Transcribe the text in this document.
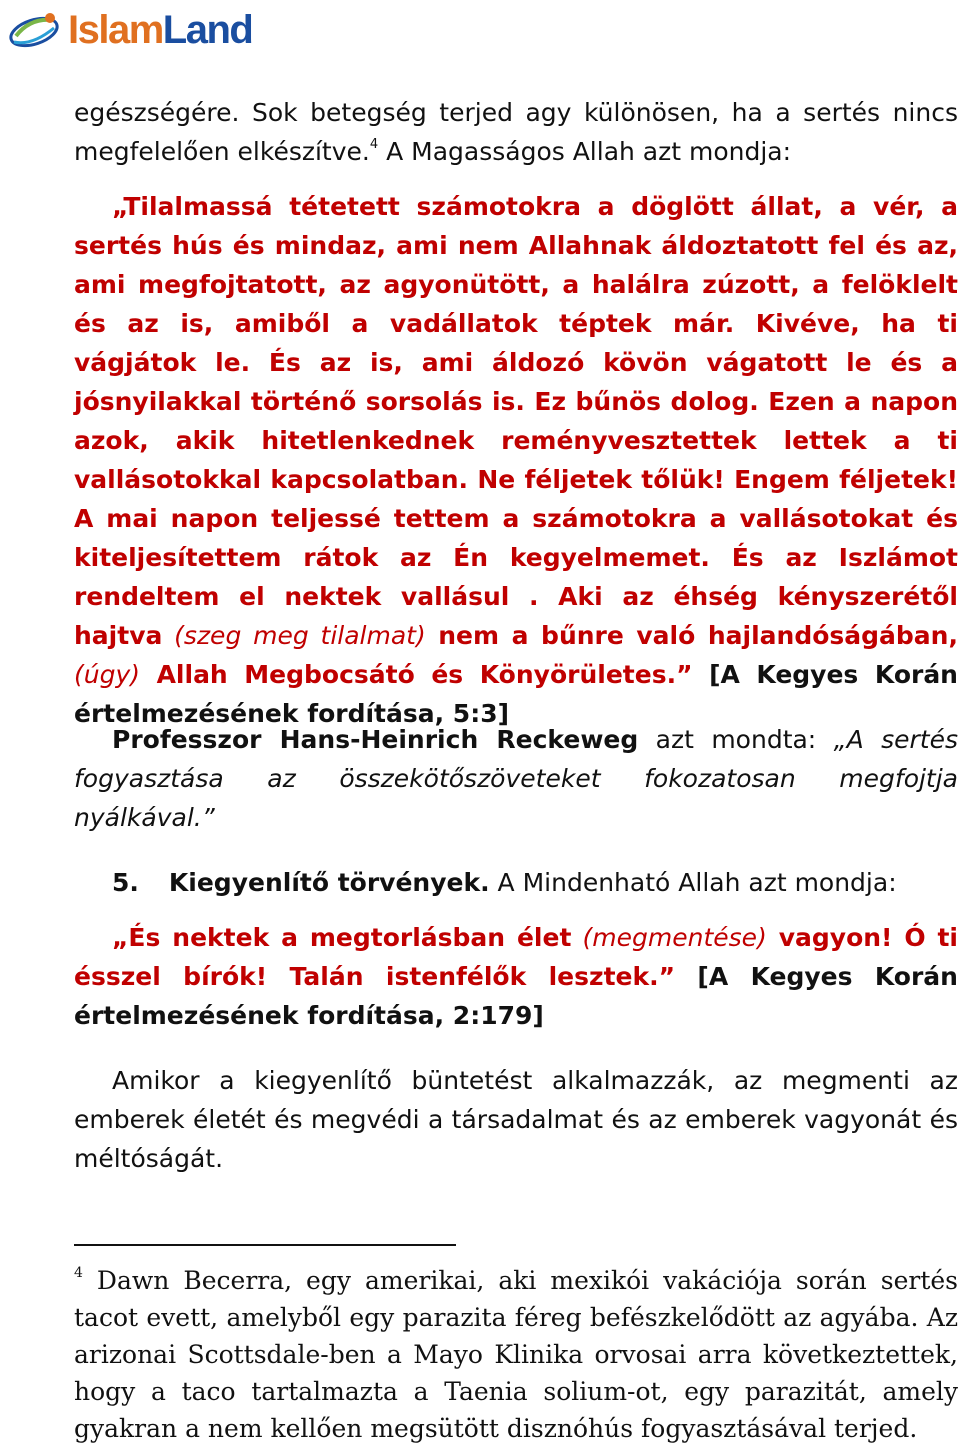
IslamLand

egészségére. Sok betegség terjed agy különösen, ha a sertés nincs megfelelően elkészítve.$^4$ A Magasságos Allah azt mondja:

„Tilalmassá tétetett számotokra a döglött állat, a vér, a sertés hús és mindaz, ami nem Allahnak áldoztatott fel és az, ami megfojtatott, az agyonütött, a halálra zúzott, a felöklelt és az is, amiből a vadállatok téptek már. Kivéve, ha ti vágjátok le. És az is, ami áldozó kövön vágatott le és a jósnyilakkal történő sorsolás is. Ez bűnös dolog. Ezen a napon azok, akik hitetlenkednek reményvesztettek lettek a ti vallásotokkal kapcsolatban. Ne féljetek tőlük! Engem féljetek! A mai napon teljessé tettem a számotokra a vallásotokat és kiteljesítettem rátok az Én kegyelmemet. És az Iszlámot rendeltem el nektek vallásul . Aki az éhség kényszerétől hajtva (szeg meg tilalmat) nem a bűnre való hajlandóságában, (úgy) Allah Megbocsátó és Könyörületes.” [A Kegyes Korán értelmezésének fordítása, 5:3]

Professzor Hans-Heinrich Reckeweg azt mondta: „A sertés fogyasztása az összekötőszöveteket fokozatosan megfojtja nyálkával.”

5. Kiegyenlítő törvények. A Mindenható Allah azt mondja:

„És nektek a megtorlásban élet (megmentése) vagyon! Ó ti ésszel bírók! Talán istenfélők lesztek.” [A Kegyes Korán értelmezésének fordítása, 2:179]

Amikor a kiegyenlítő büntetést alkalmazzák, az megmenti az emberek életét és megvédi a társadalmat és az emberek vagyonát és méltóságát.

$^4$ Dawn Becerra, egy amerikai, aki mexikói vakációja során sertés tacot evett, amelyből egy parazita féreg befészkelődött az agyába. Az arizonai Scottsdale-ben a Mayo Klinika orvosai arra következtettek, hogy a taco tartalmazta a Taenia solium-ot, egy parazitát, amely gyakran a nem kellően megsütött disznóhús fogyasztásával terjed.
